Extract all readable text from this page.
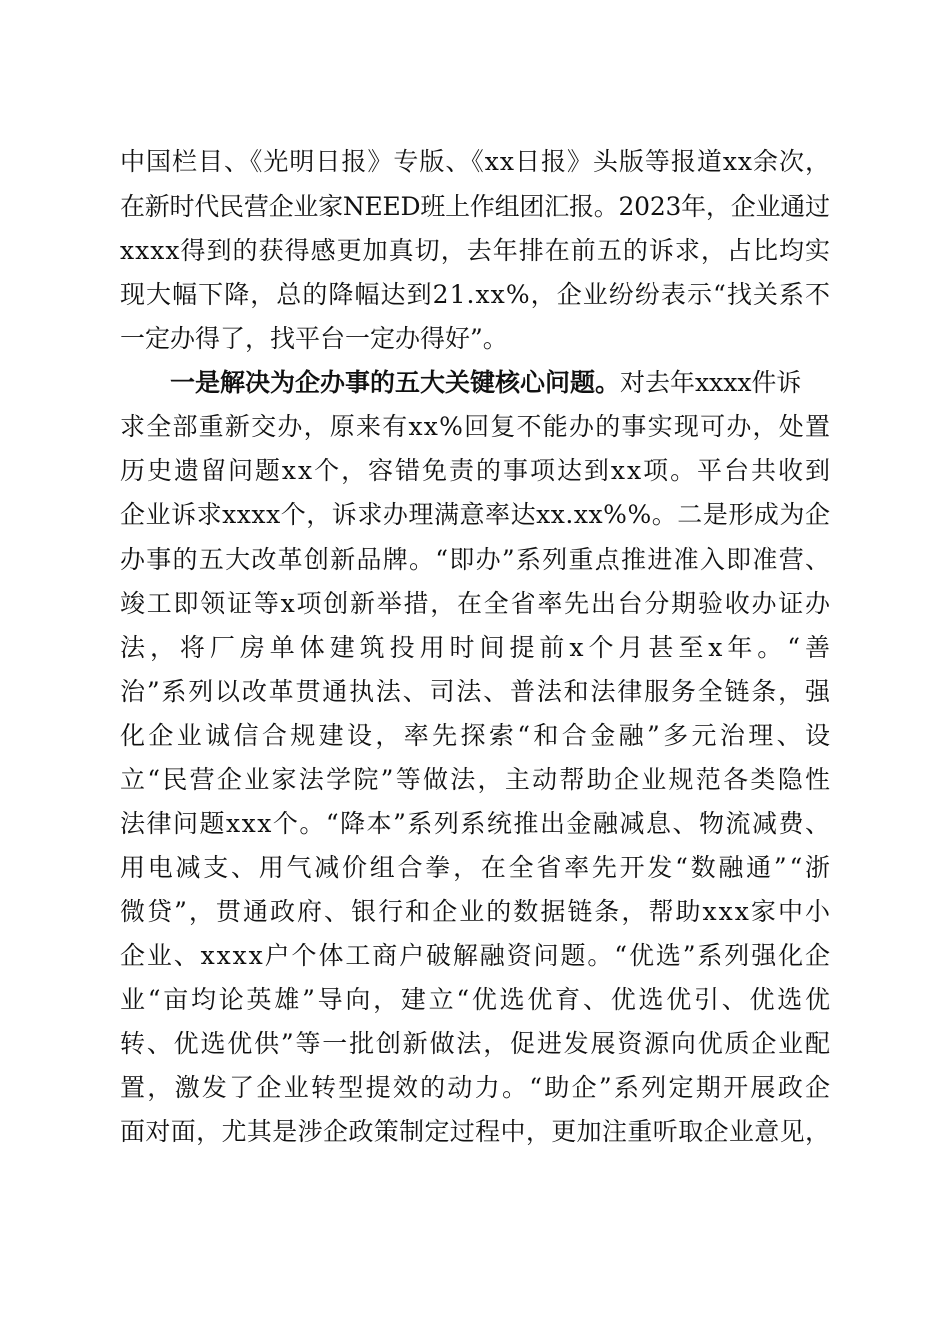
中国栏目、《光明日报》专版、《xx日报》头版等报道xx余次，
在新时代民营企业家NEED班上作组团汇报。2023年，企业通过
xxxx得到的获得感更加真切，去年排在前五的诉求，占比均实
现大幅下降，总的降幅达到21.xx%，企业纷纷表示“找关系不
一定办得了，找平台一定办得好”。
一是解决为企办事的五大关键核心问题。对去年xxxx件诉
求全部重新交办，原来有xx%回复不能办的事实现可办，处置
历史遗留问题xx个，容错免责的事项达到xx项。平台共收到
企业诉求xxxx个，诉求办理满意率达xx.xx%%。二是形成为企
办事的五大改革创新品牌。“即办”系列重点推进准入即准营、
竣工即领证等x项创新举措，在全省率先出台分期验收办证办
法，将厂房单体建筑投用时间提前x个月甚至x年。“善
治”系列以改革贯通执法、司法、普法和法律服务全链条，强
化企业诚信合规建设，率先探索“和合金融”多元治理、设
立“民营企业家法学院”等做法，主动帮助企业规范各类隐性
法律问题xxx个。“降本”系列系统推出金融减息、物流减费、
用电减支、用气减价组合拳，在全省率先开发“数融通”“浙
微贷”，贯通政府、银行和企业的数据链条，帮助xxx家中小
企业、xxxx户个体工商户破解融资问题。“优选”系列强化企
业“亩均论英雄”导向，建立“优选优育、优选优引、优选优
转、优选优供”等一批创新做法，促进发展资源向优质企业配
置，激发了企业转型提效的动力。“助企”系列定期开展政企
面对面，尤其是涉企政策制定过程中，更加注重听取企业意见，
